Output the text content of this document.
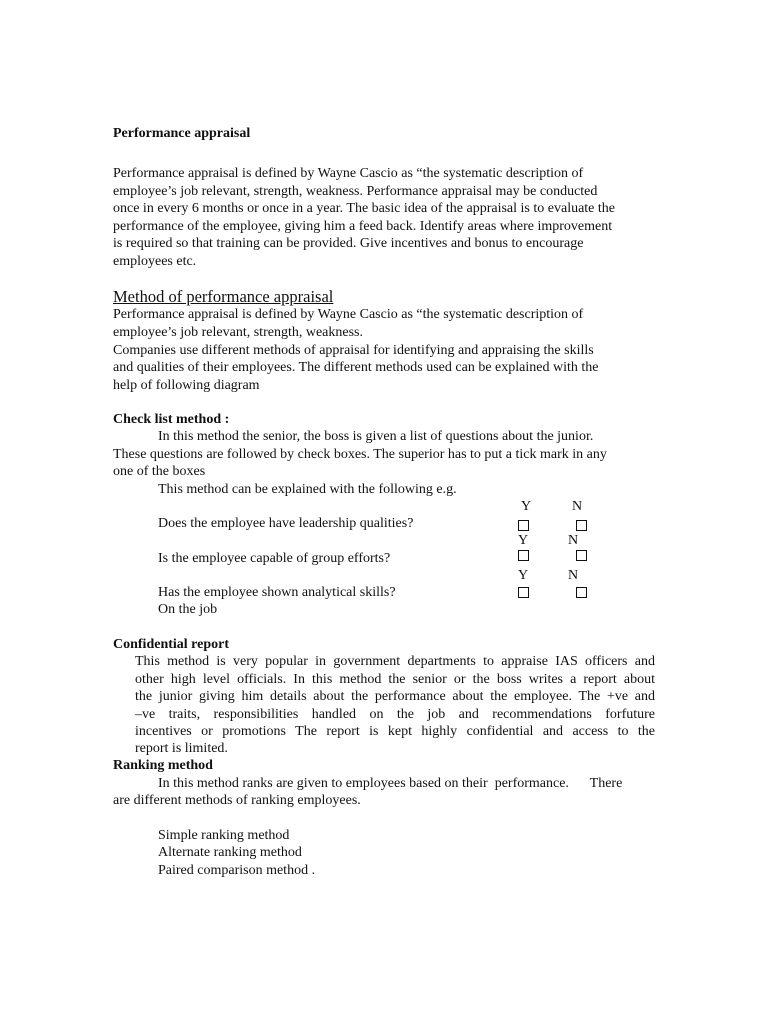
Performance appraisal
Performance appraisal is defined by Wayne Cascio as “the systematic description of
employee’s job relevant, strength, weakness. Performance appraisal may be conducted
once in every 6 months or once in a year. The basic idea of the appraisal is to evaluate the
performance of the employee, giving him a feed back. Identify areas where improvement
is required so that training can be provided. Give incentives and bonus to encourage
employees etc.
Method of performance appraisal
Performance appraisal is defined by Wayne Cascio as “the systematic description of
employee’s job relevant, strength, weakness.
Companies use different methods of appraisal for identifying and appraising the skills
and qualities of their employees. The different methods used can be explained with the
help of following diagram
Check list method :
In this method the senior, the boss is given a list of questions about the junior.
These questions are followed by check boxes. The superior has to put a tick mark in any
one of the boxes
This method can be explained with the following e.g.
Y	N
Does the employee have leadership qualities?
Y	N
Is the employee capable of group efforts?
Y	N
Has the employee shown analytical skills?
On the job
Confidential report
This method is very popular in government departments to appraise IAS officers and
other high level officials. In this method the senior or the boss writes a report about
the junior giving him details about the performance about the employee. The +ve and
–ve traits, responsibilities handled on the job and recommendations forfuture
incentives or promotions The report is kept highly confidential and access to the
report is limited.
Ranking method
In this method ranks are given to employees based on their  performance.      There
are different methods of ranking employees.
Simple ranking method
Alternate ranking method
Paired comparison method .
